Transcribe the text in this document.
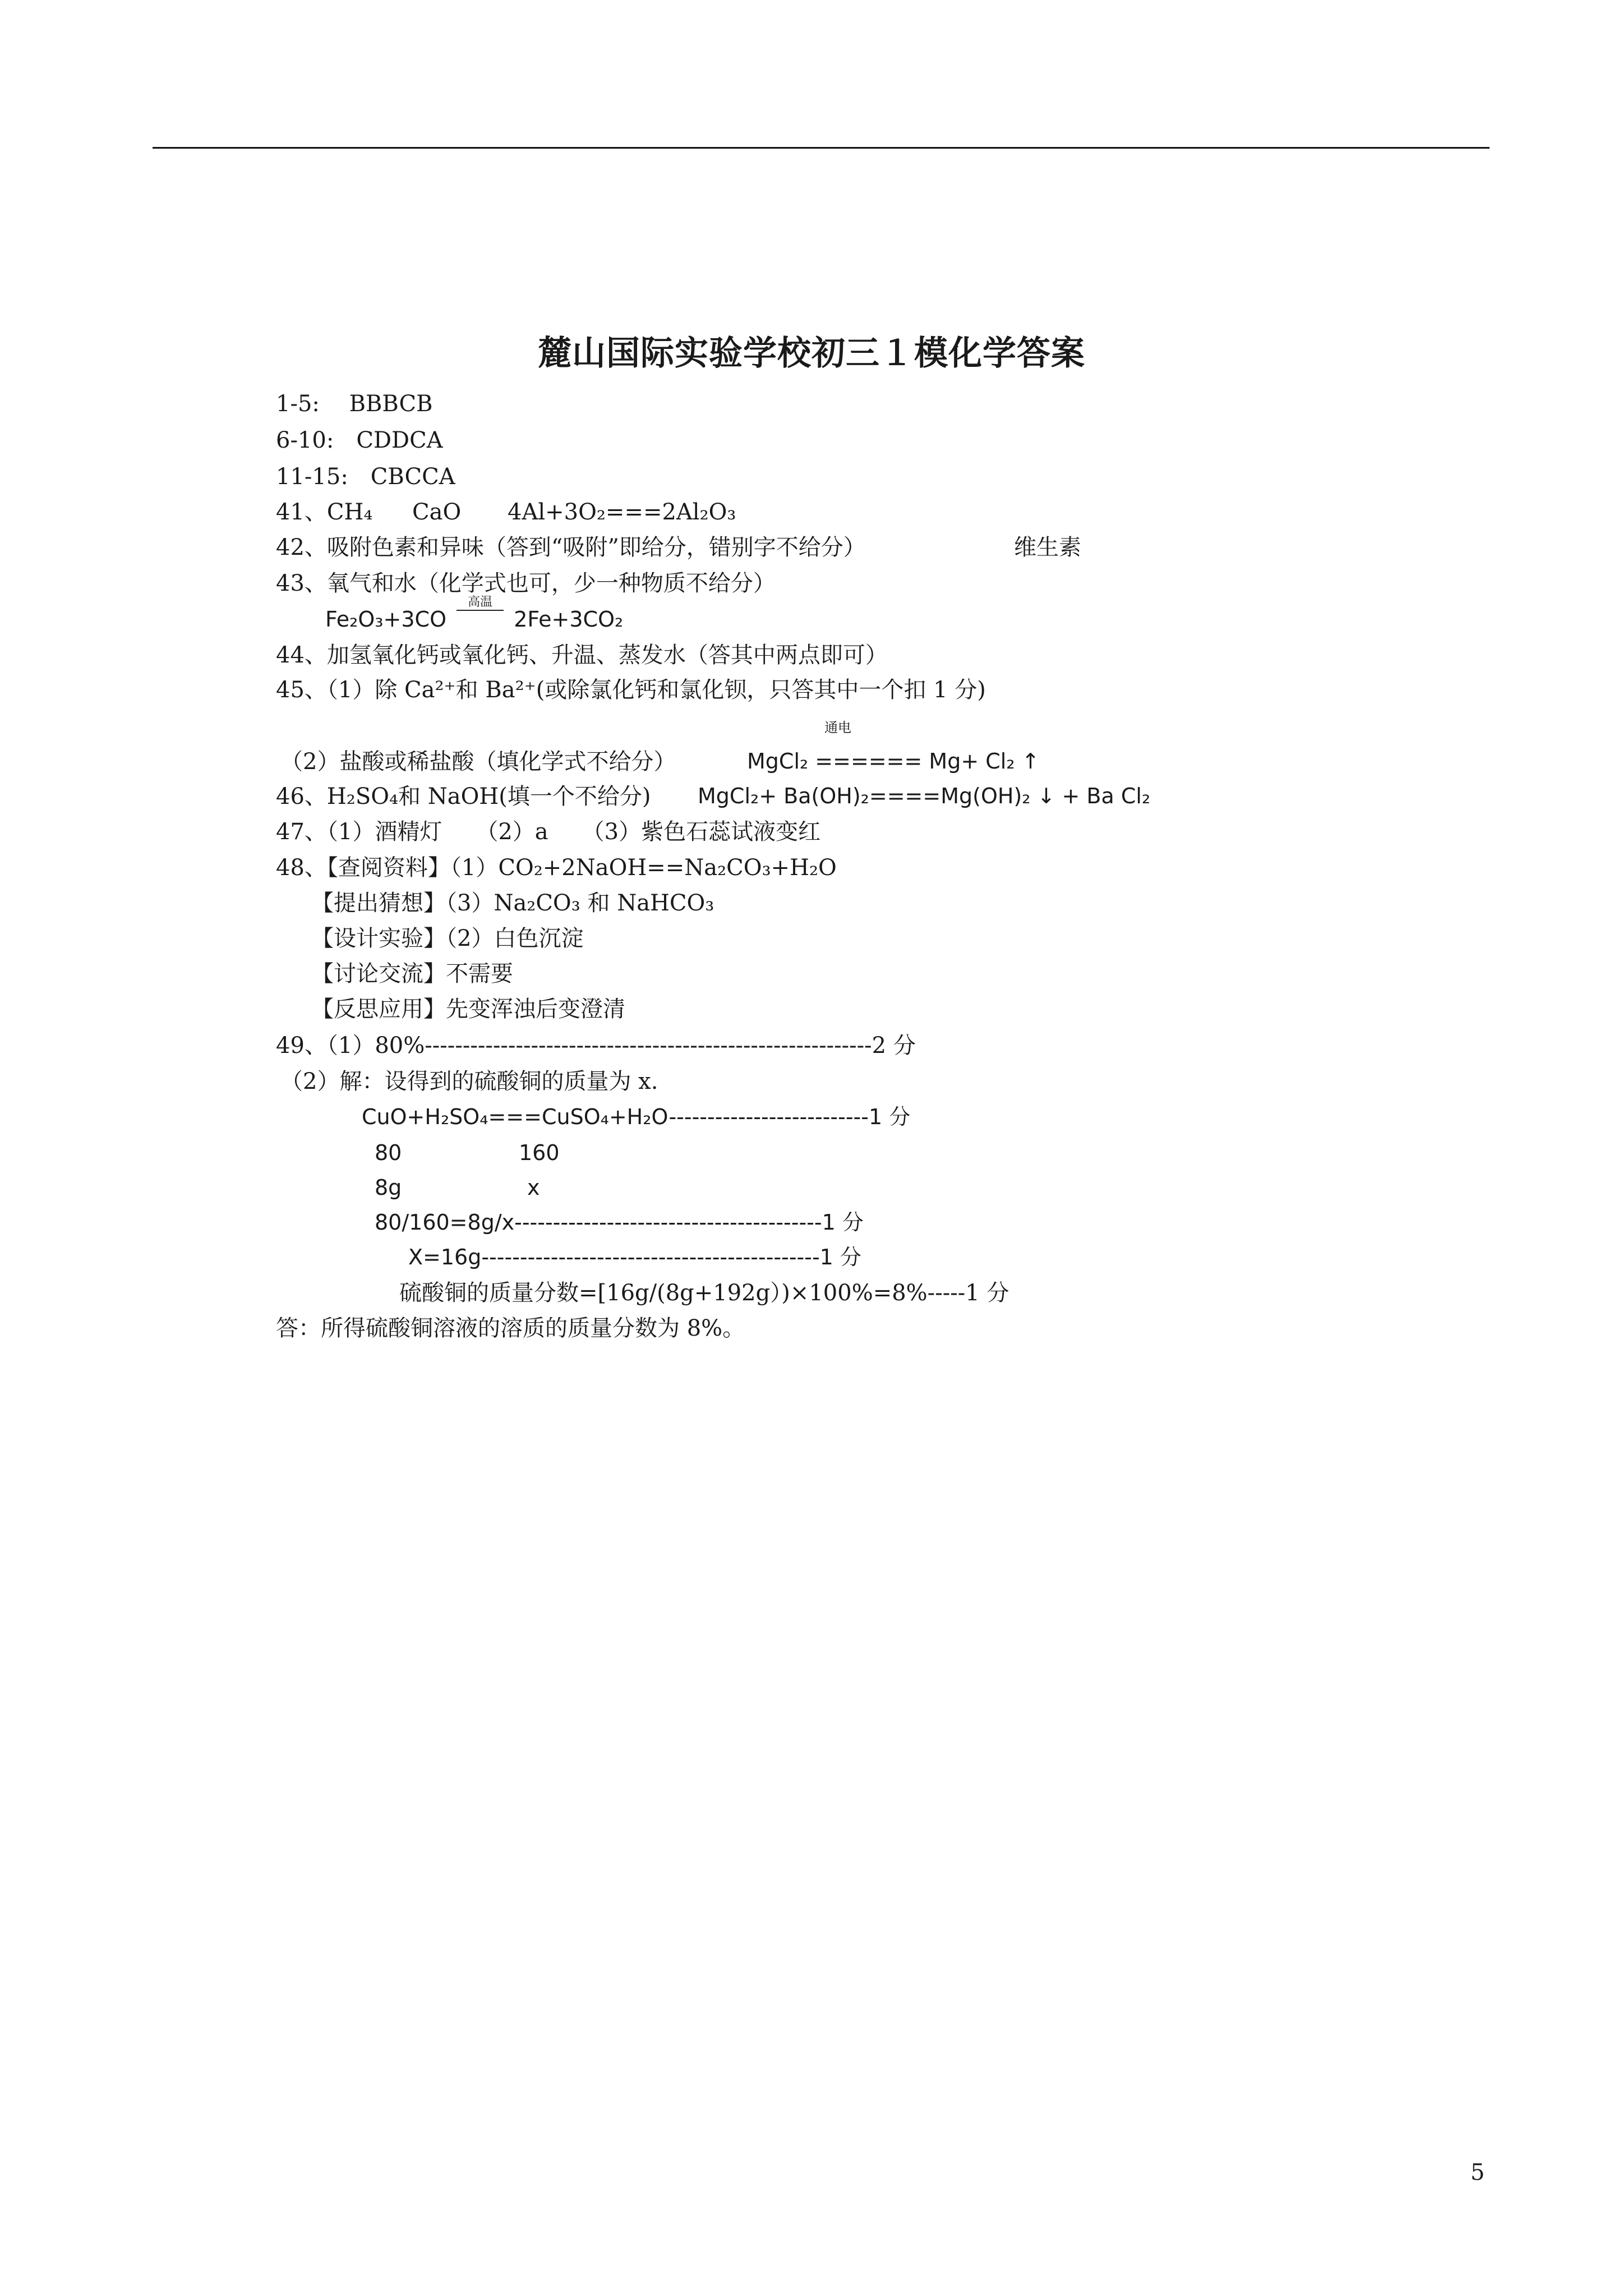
麓山国际实验学校初三１模化学答案
1-5:　 BBBCB
6-10:　CDDCA
11-15:　CBCCA
41、CH₄ CaO 4Al+3O₂===2Al₂O₃
42、吸附色素和异味（答到“吸附”即给分，错别字不给分）	维生素
43、氧气和水（化学式也可，少一种物质不给分）
Fe₂O₃+3CO
高温
2Fe+3CO₂
44、加氢氧化钙或氧化钙、升温、蒸发水（答其中两点即可）
45、（1）除 Ca²⁺和 Ba²⁺(或除氯化钙和氯化钡，只答其中一个扣 1 分)
通电
（2）盐酸或稀盐酸（填化学式不给分）	MgCl₂ ====== Mg+ Cl₂ ↑
46、H₂SO₄和 NaOH(填一个不给分) MgCl₂+ Ba(OH)₂====Mg(OH)₂ ↓ + Ba Cl₂
47、（1）酒精灯　　（2）a　　（3）紫色石蕊试液变红
48、【查阅资料】（1）CO₂+2NaOH==Na₂CO₃+H₂O
【提出猜想】（3）Na₂CO₃ 和 NaHCO₃
【设计实验】（2）白色沉淀
【讨论交流】不需要
【反思应用】先变浑浊后变澄清
49、（1）80%-----------------------------------------------------------2 分
（2）解：设得到的硫酸铜的质量为 x.
CuO+H₂SO₄===CuSO₄+H₂O--------------------------1 分
80	160
8g	x
80/160=8g/x----------------------------------------1 分
X=16g--------------------------------------------1 分
硫酸铜的质量分数=[16g/(8g+192g）)×100%=8%-----1 分
答：所得硫酸铜溶液的溶质的质量分数为 8%。
5
